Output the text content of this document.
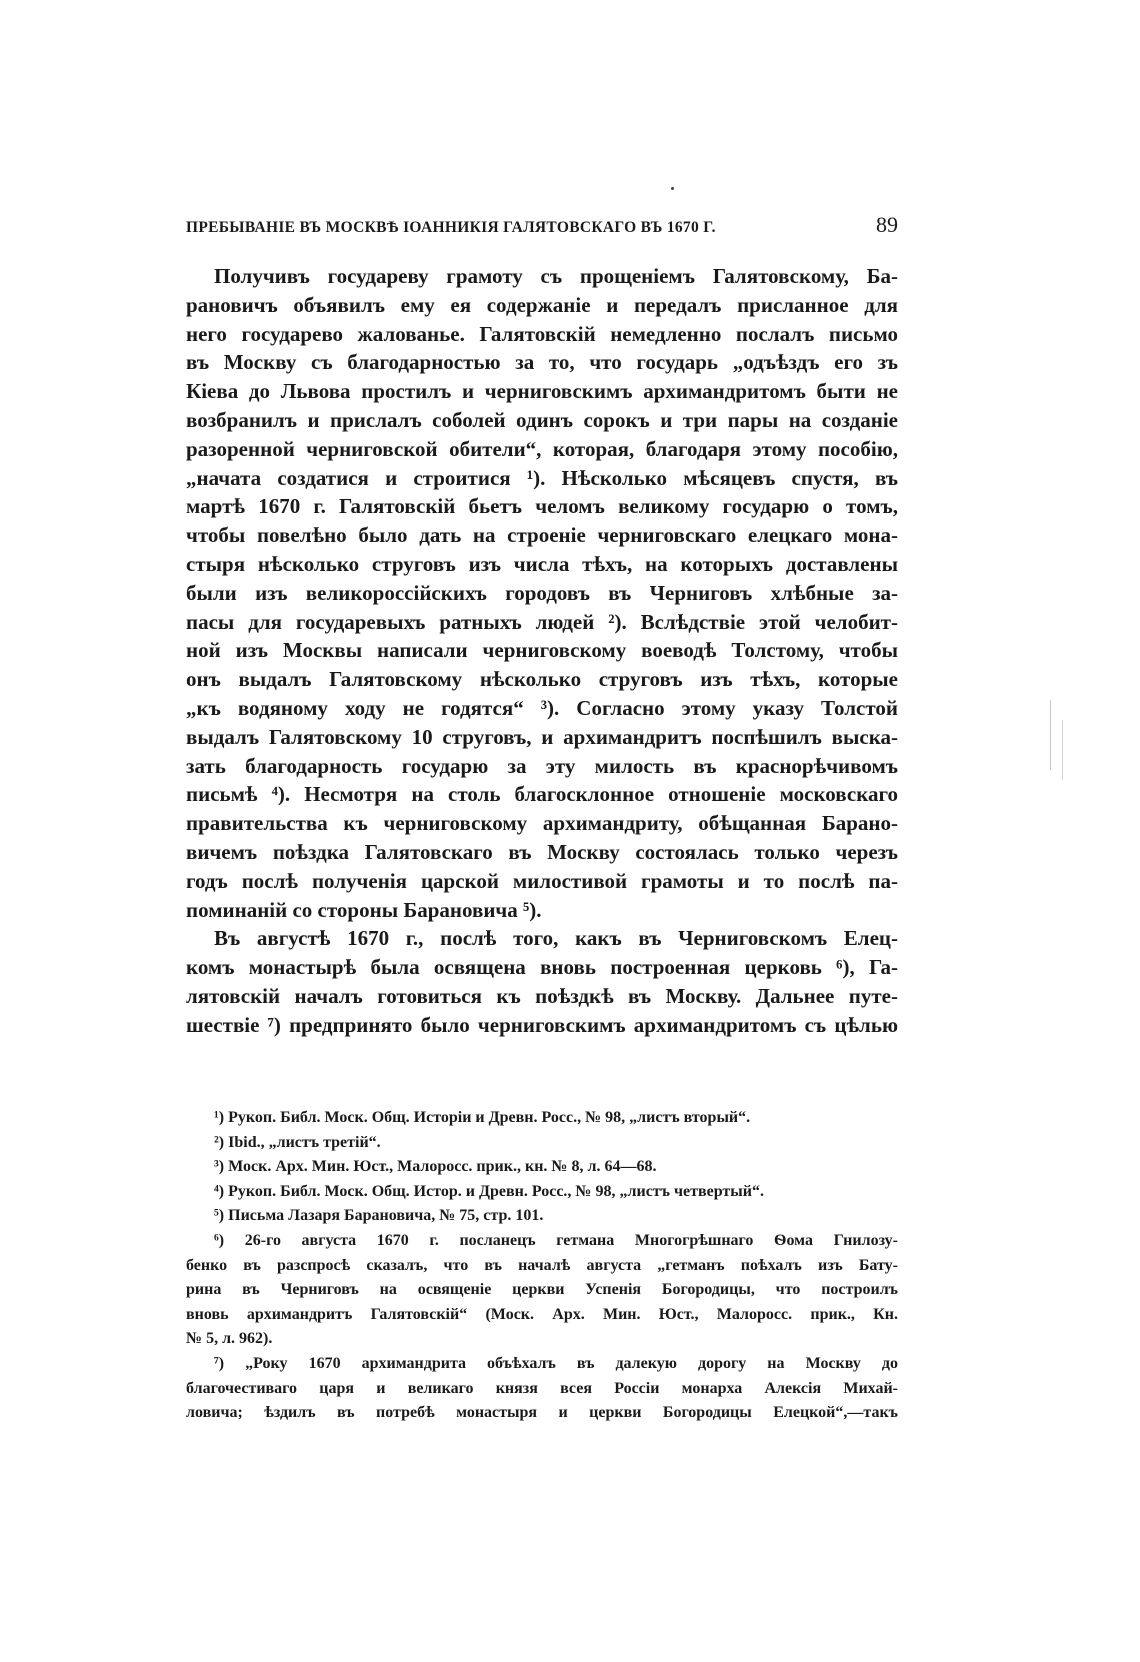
ПРЕБЫВАНІЕ ВЪ МОСКВѢ ІОАННИКІЯ ГАЛЯТОВСКАГО ВЪ 1670 Г.	89
Получивъ государеву грамоту съ прощеніемъ Галятовскому, Ба-
рановичъ объявилъ ему ея содержаніе и передалъ присланное для
него государево жалованье. Галятовскій немедленно послалъ письмо
въ Москву съ благодарностью за то, что государь „одъѣздъ его зъ
Кіева до Львова простилъ и черниговскимъ архимандритомъ быти не
возбранилъ и прислалъ соболей одинъ сорокъ и три пары на созданіе
разоренной черниговской обители“, которая, благодаря этому пособію,
„начата создатися и строитися ¹). Нѣсколько мѣсяцевъ спустя, въ
мартѣ 1670 г. Галятовскій бьетъ челомъ великому государю о томъ,
чтобы повелѣно было дать на строеніе черниговскаго елецкаго мона-
стыря нѣсколько струговъ изъ числа тѣхъ, на которыхъ доставлены
были изъ великороссійскихъ городовъ въ Черниговъ хлѣбные за-
пасы для государевыхъ ратныхъ людей ²). Вслѣдствіе этой челобит-
ной изъ Москвы написали черниговскому воеводѣ Толстому, чтобы
онъ выдалъ Галятовскому нѣсколько струговъ изъ тѣхъ, которые
„къ водяному ходу не годятся“ ³). Согласно этому указу Толстой
выдалъ Галятовскому 10 струговъ, и архимандритъ поспѣшилъ выска-
зать благодарность государю за эту милость въ краснорѣчивомъ
письмѣ ⁴). Несмотря на столь благосклонное отношеніе московскаго
правительства къ черниговскому архимандриту, обѣщанная Барано-
вичемъ поѣздка Галятовскаго въ Москву состоялась только черезъ
годъ послѣ полученія царской милостивой грамоты и то послѣ па-
поминаній со стороны Барановича ⁵).
Въ августѣ 1670 г., послѣ того, какъ въ Черниговскомъ Елец-
комъ монастырѣ была освящена вновь построенная церковь ⁶), Га-
лятовскій началъ готовиться къ поѣздкѣ въ Москву. Дальнее путе-
шествіе ⁷) предпринято было черниговскимъ архимандритомъ съ цѣлью
¹) Рукоп. Библ. Моск. Общ. Исторіи и Древн. Росс., № 98, „листъ вторый“.
²) Ibid., „листъ третій“.
³) Моск. Арх. Мин. Юст., Малоросс. прик., кн. № 8, л. 64—68.
⁴) Рукоп. Библ. Моск. Общ. Истор. и Древн. Росс., № 98, „листъ четвертый“.
⁵) Письма Лазаря Барановича, № 75, стр. 101.
⁶) 26-го августа 1670 г. посланецъ гетмана Многогрѣшнаго Ѳома Гнилозу-
бенко въ разспросѣ сказалъ, что въ началѣ августа „гетманъ поѣхалъ изъ Бату-
рина въ Черниговъ на освященіе церкви Успенія Богородицы, что построилъ
вновь архимандритъ Галятовскій“ (Моск. Арх. Мин. Юст., Малоросс. прик., Кн.
№ 5, л. 962).
⁷) „Року 1670 архимандрита объѣхалъ въ далекую дорогу на Москву до
благочестиваго царя и великаго князя всея Россіи монарха Алексія Михай-
ловича; ѣздилъ въ потребѣ монастыря и церкви Богородицы Елецкой“,—такъ
